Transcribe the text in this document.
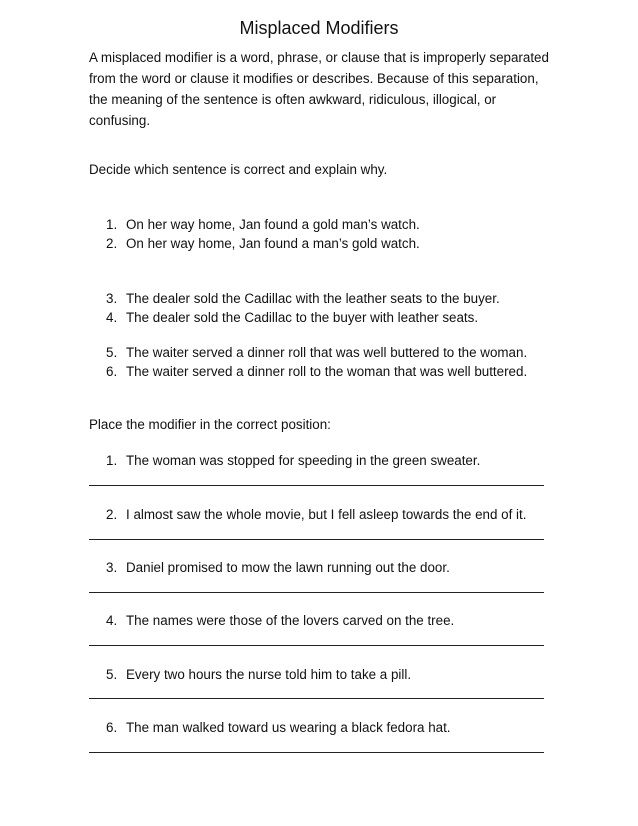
Misplaced Modifiers
A misplaced modifier is a word, phrase, or clause that is improperly separated from the word or clause it modifies or describes. Because of this separation, the meaning of the sentence is often awkward, ridiculous, illogical, or confusing.
Decide which sentence is correct and explain why.
1. On her way home, Jan found a gold man’s watch.
2. On her way home, Jan found a man’s gold watch.
3. The dealer sold the Cadillac with the leather seats to the buyer.
4. The dealer sold the Cadillac to the buyer with leather seats.
5. The waiter served a dinner roll that was well buttered to the woman.
6. The waiter served a dinner roll to the woman that was well buttered.
Place the modifier in the correct position:
1. The woman was stopped for speeding in the green sweater.
2. I almost saw the whole movie, but I fell asleep towards the end of it.
3. Daniel promised to mow the lawn running out the door.
4. The names were those of the lovers carved on the tree.
5. Every two hours the nurse told him to take a pill.
6. The man walked toward us wearing a black fedora hat.
